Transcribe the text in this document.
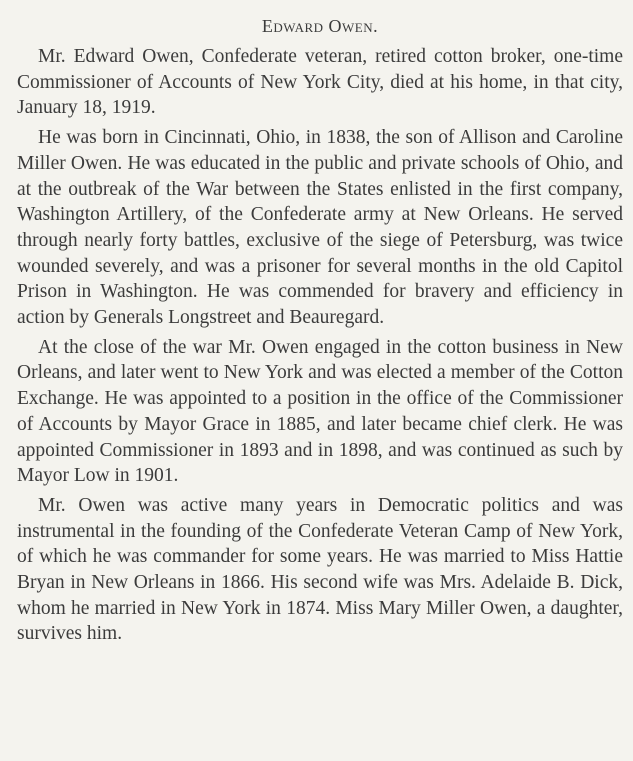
Edward Owen.

Mr. Edward Owen, Confederate veteran, retired cotton broker, one-time Commissioner of Accounts of New York City, died at his home, in that city, January 18, 1919.

He was born in Cincinnati, Ohio, in 1838, the son of Allison and Caroline Miller Owen. He was educated in the public and private schools of Ohio, and at the outbreak of the War between the States enlisted in the first company, Washington Artillery, of the Confederate army at New Orleans. He served through nearly forty battles, exclusive of the siege of Petersburg, was twice wounded severely, and was a prisoner for several months in the old Capitol Prison in Washington. He was commended for bravery and efficiency in action by Generals Longstreet and Beauregard.

At the close of the war Mr. Owen engaged in the cotton business in New Orleans, and later went to New York and was elected a member of the Cotton Exchange. He was appointed to a position in the office of the Commissioner of Accounts by Mayor Grace in 1885, and later became chief clerk. He was appointed Commissioner in 1893 and in 1898, and was continued as such by Mayor Low in 1901.

Mr. Owen was active many years in Democratic politics and was instrumental in the founding of the Confederate Veteran Camp of New York, of which he was commander for some years. He was married to Miss Hattie Bryan in New Orleans in 1866. His second wife was Mrs. Adelaide B. Dick, whom he married in New York in 1874. Miss Mary Miller Owen, a daughter, survives him.
